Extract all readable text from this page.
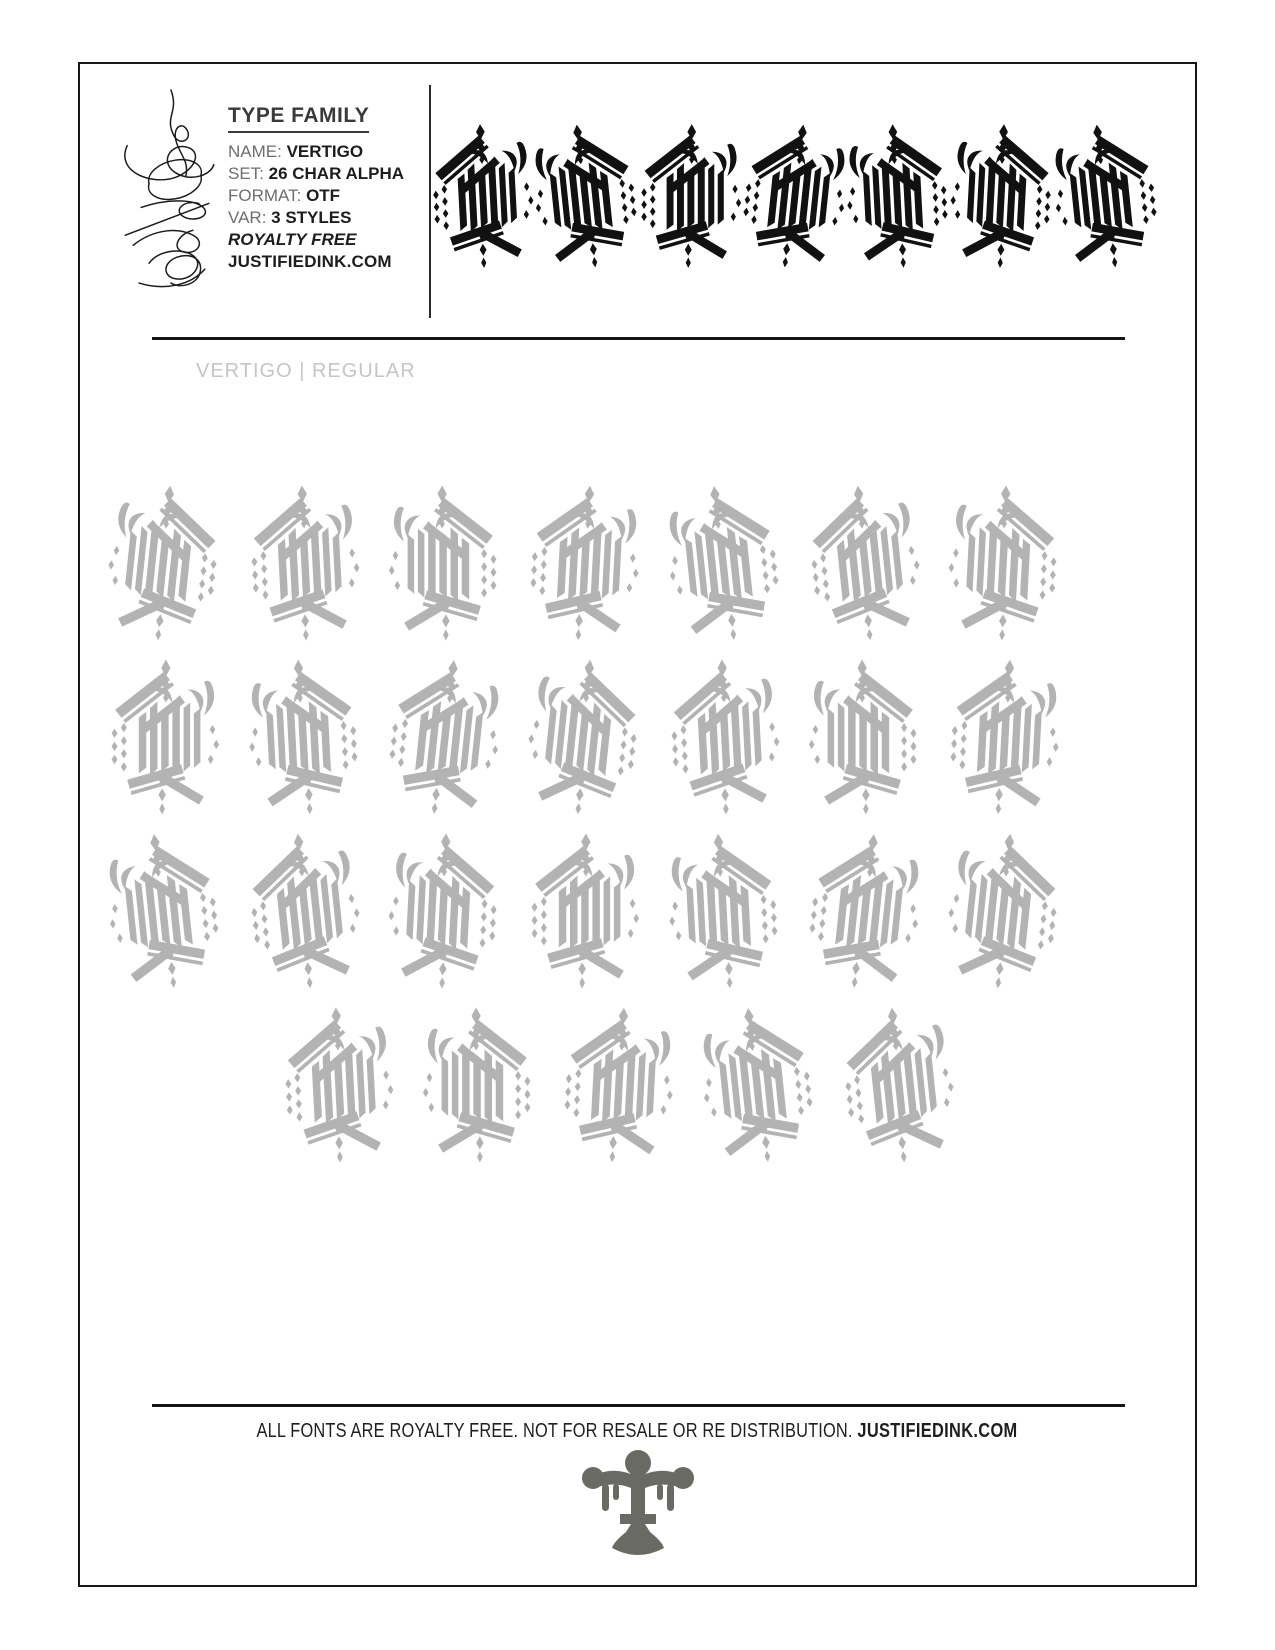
TYPE FAMILY
NAME: VERTIGO
SET: 26 CHAR ALPHA
FORMAT: OTF
VAR: 3 STYLES
ROYALTY FREE
JUSTIFIEDINK.COM
VERTIGO | REGULAR
ALL FONTS ARE ROYALTY FREE. NOT FOR RESALE OR RE DISTRIBUTION. JUSTIFIEDINK.COM
